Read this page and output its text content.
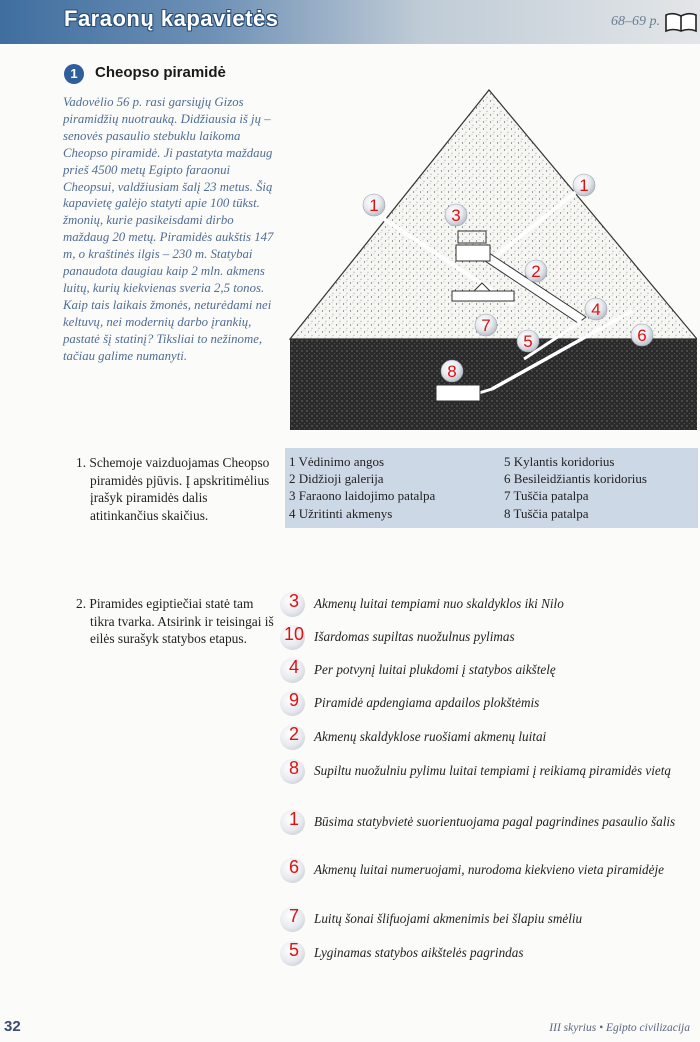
Faraonų kapavietės	68–69 p.
1	Cheopso piramidė
Vadovėlio 56 p. rasi garsiųjų Gizos piramidžių nuotrauką. Didžiausia iš jų – senovės pasaulio stebuklu laikoma Cheopso piramidė. Ji pastatyta maždaug prieš 4500 metų Egipto faraonui Cheopsui, valdžiusiam šalį 23 metus. Šią kapavietę galėjo statyti apie 100 tūkst. žmonių, kurie pasikeisdami dirbo maždaug 20 metų. Piramidės aukštis 147 m, o kraštinės ilgis – 230 m. Statybai panaudota daugiau kaip 2 mln. akmens luitų, kurių kiekvienas sveria 2,5 tonos. Kaip tais laikais žmonės, neturėdami nei keltuvų, nei modernių darbo įrankių, pastatė šį statinį? Tiksliai to nežinome, tačiau galime numanyti.
1. Schemoje vaizduojamas Cheopso piramidės pjūvis. Į apskritimėlius įrašyk piramidės dalis atitinkančius skaičius.
1
1
3
2
4
7
5	6
8
1 Vėdinimo angos
2 Didžioji galerija
3 Faraono laidojimo patalpa
4 Užritinti akmenys
5 Kylantis koridorius
6 Besileidžiantis koridorius
7 Tuščia patalpa
8 Tuščia patalpa
2. Piramides egiptiečiai statė tam tikra tvarka. Atsirink ir teisingai iš eilės surašyk statybos etapus.
3	Akmenų luitai tempiami nuo skaldyklos iki Nilo
10 Išardomas supiltas nuožulnus pylimas
4	Per potvynį luitai plukdomi į statybos aikštelę
9	Piramidė apdengiama apdailos plokštėmis
2	Akmenų skaldyklose ruošiami akmenų luitai
8	Supiltu nuožulniu pylimu luitai tempiami į reikiamą piramidės vietą
1	Būsima statybvietė suorientuojama pagal pagrindines pasaulio šalis
6	Akmenų luitai numeruojami, nurodoma kiekvieno vieta piramidėje
7	Luitų šonai šlifuojami akmenimis bei šlapiu smėliu
5	Lyginamas statybos aikštelės pagrindas
32	III skyrius • Egipto civilizacija
